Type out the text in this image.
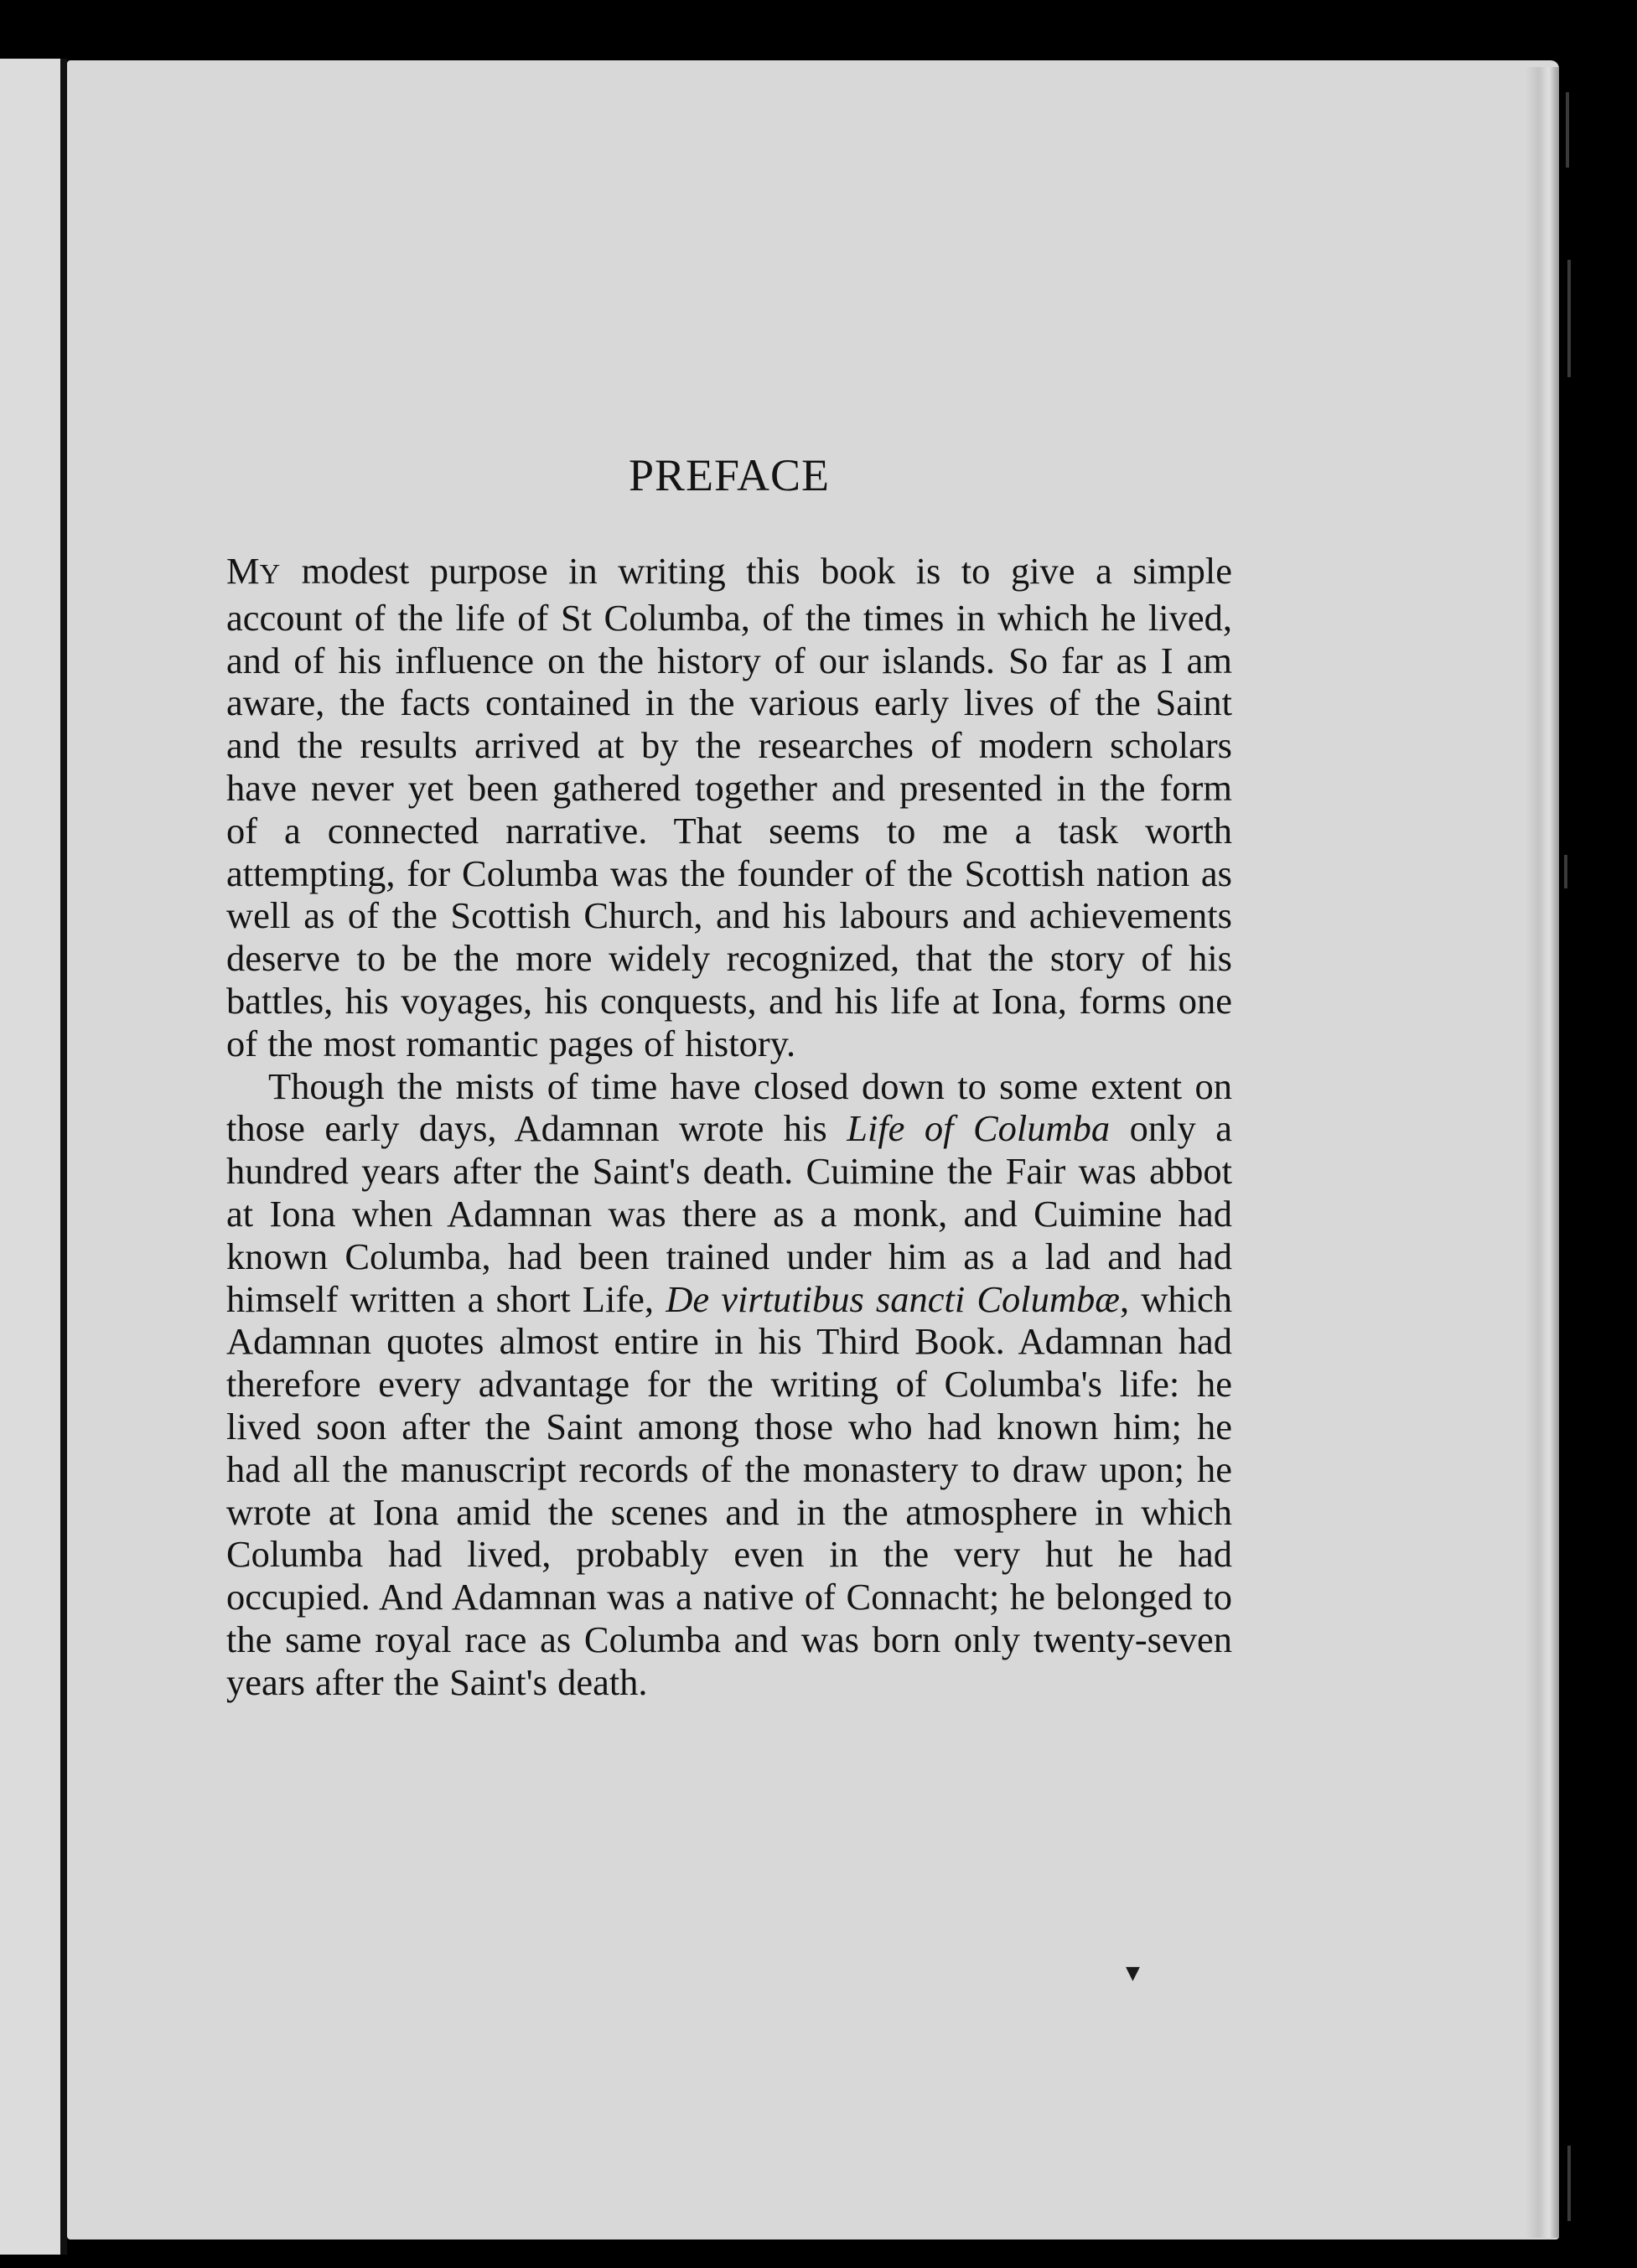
PREFACE

MY modest purpose in writing this book is to give a simple account of the life of St Columba, of the times in which he lived, and of his influence on the history of our islands. So far as I am aware, the facts contained in the various early lives of the Saint and the results arrived at by the researches of modern scholars have never yet been gathered together and presented in the form of a connected narrative. That seems to me a task worth attempting, for Columba was the founder of the Scottish nation as well as of the Scottish Church, and his labours and achievements deserve to be the more widely recognized, that the story of his battles, his voyages, his conquests, and his life at Iona, forms one of the most romantic pages of history.

Though the mists of time have closed down to some extent on those early days, Adamnan wrote his Life of Columba only a hundred years after the Saint's death. Cuimine the Fair was abbot at Iona when Adamnan was there as a monk, and Cuimine had known Columba, had been trained under him as a lad and had himself written a short Life, De virtutibus sancti Columbæ, which Adamnan quotes almost entire in his Third Book. Adamnan had therefore every advantage for the writing of Columba's life: he lived soon after the Saint among those who had known him; he had all the manuscript records of the monastery to draw upon; he wrote at Iona amid the scenes and in the atmosphere in which Columba had lived, probably even in the very hut he had occupied. And Adamnan was a native of Connacht; he belonged to the same royal race as Columba and was born only twenty-seven years after the Saint's death.

▼
